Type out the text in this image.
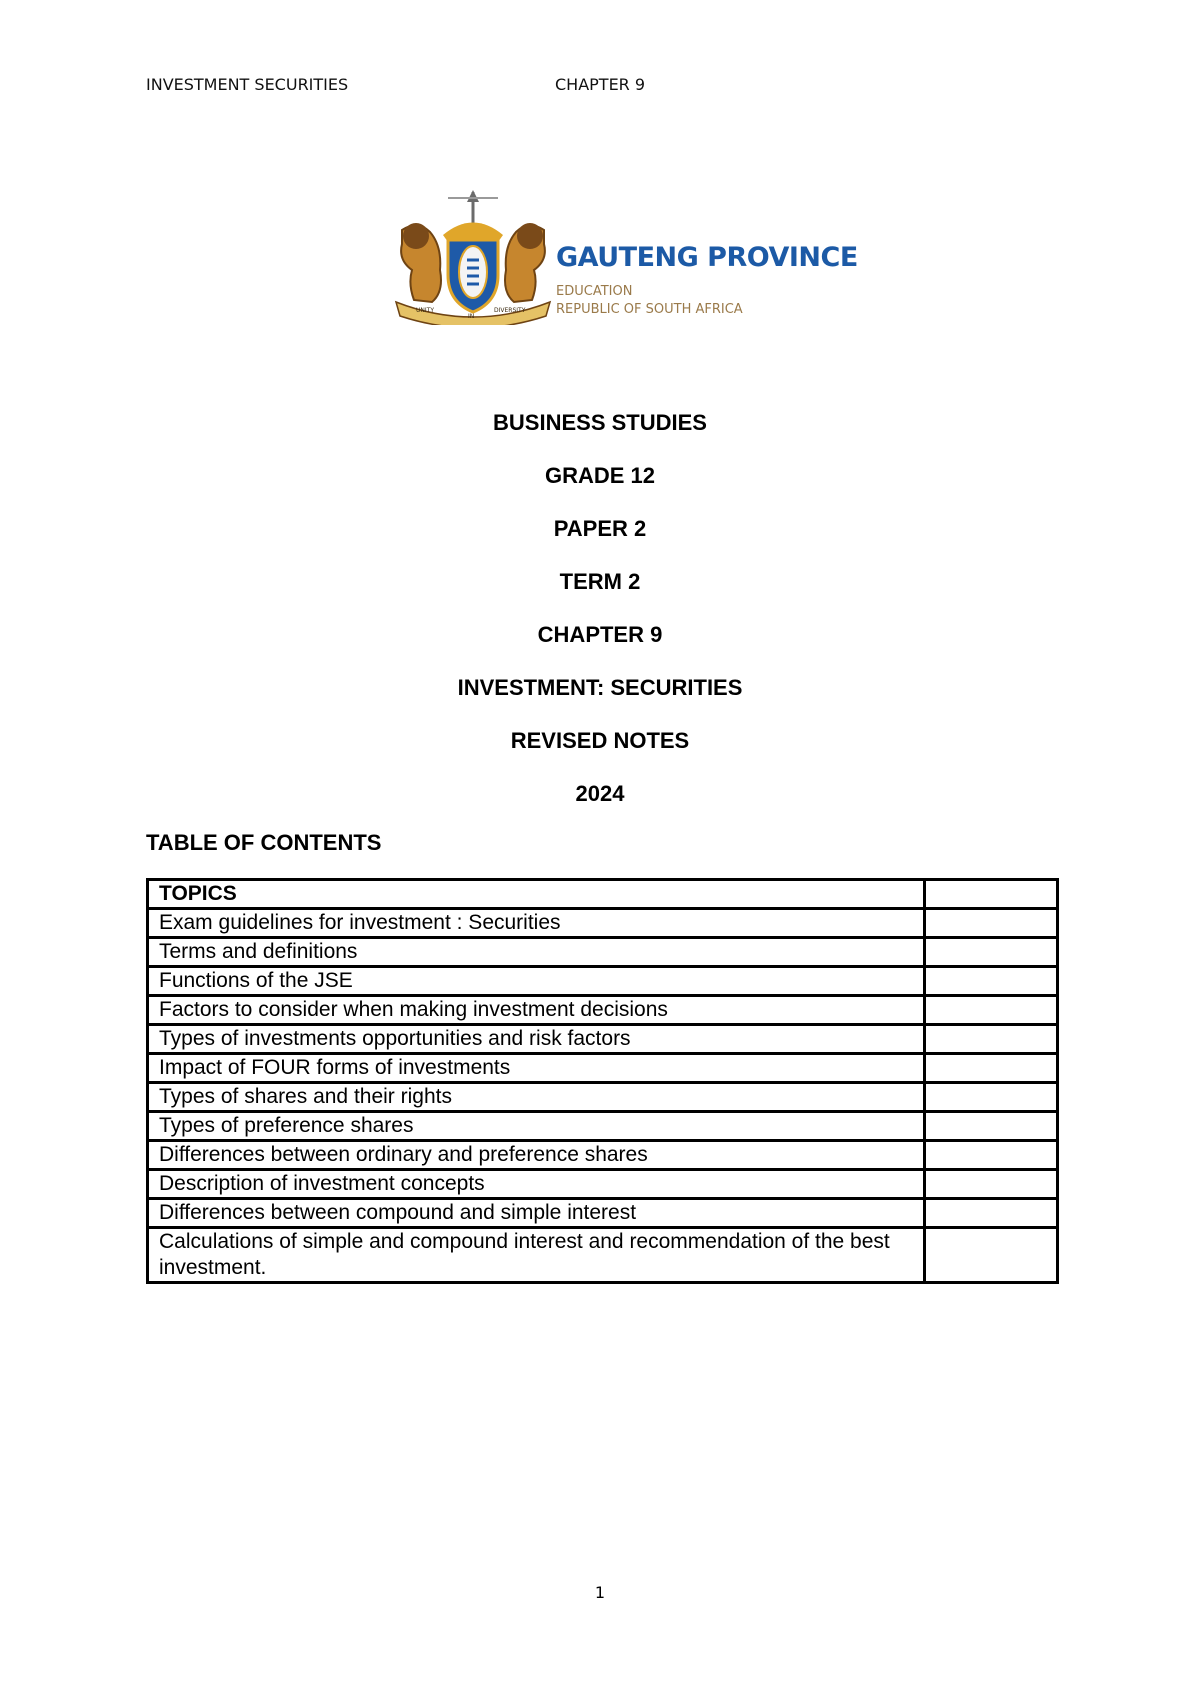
INVESTMENT SECURITIES	CHAPTER 9
UNITY
IN
DIVERSITY
GAUTENG PROVINCE
EDUCATION
REPUBLIC OF SOUTH AFRICA
BUSINESS STUDIES
GRADE 12
PAPER 2
TERM 2
CHAPTER 9
INVESTMENT: SECURITIES
REVISED NOTES
2024
TABLE OF CONTENTS
TOPICS	
Exam guidelines for investment : Securities	
Terms and definitions	
Functions of the JSE	
Factors to consider when making investment decisions	
Types of investments opportunities and risk factors	
Impact of FOUR forms of investments	
Types of shares and their rights	
Types of preference shares	
Differences between ordinary and preference shares	
Description of investment concepts	
Differences between compound and simple interest	
Calculations of simple and compound interest and recommendation of the best investment.	
1
